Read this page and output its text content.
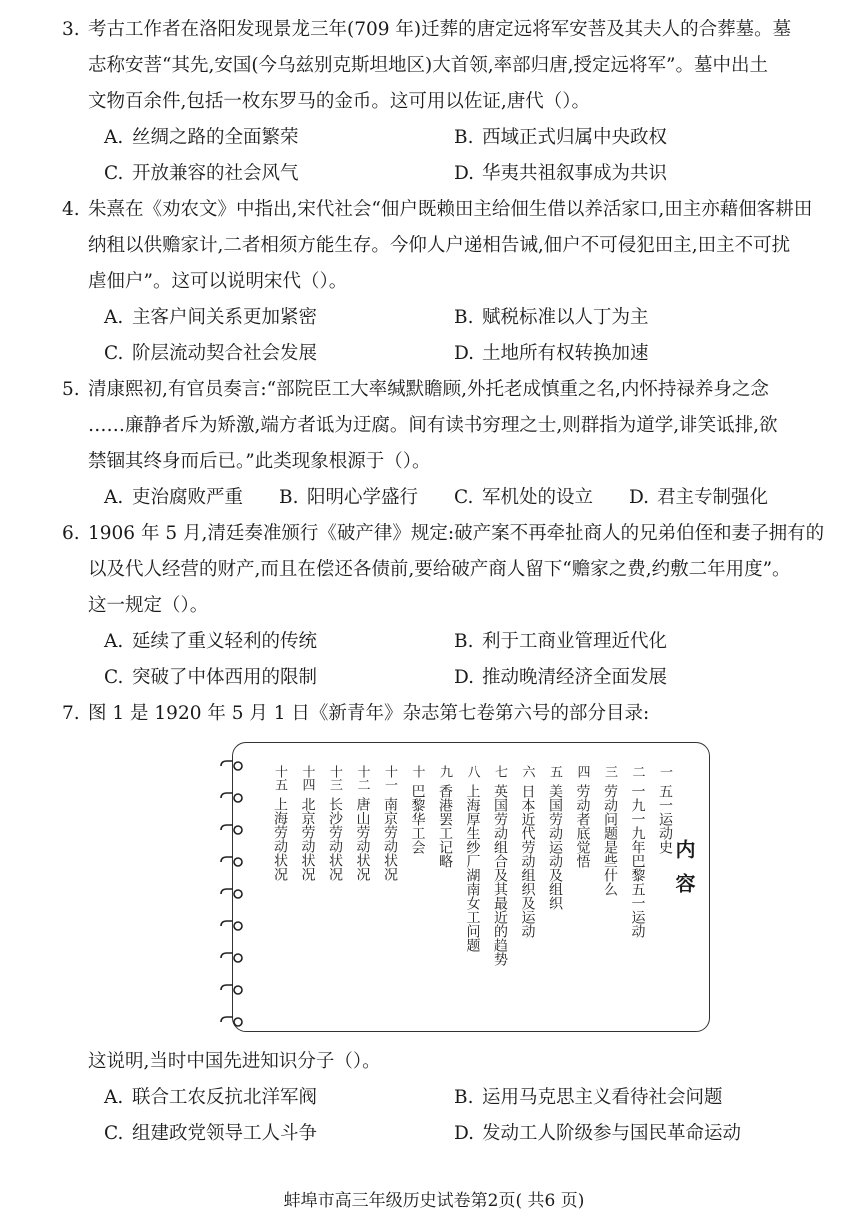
3. 考古工作者在洛阳发现景龙三年(709 年)迁葬的唐定远将军安菩及其夫人的合葬墓。墓
志称安菩“其先,安国(今乌兹别克斯坦地区)大首领,率部归唐,授定远将军”。墓中出土
文物百余件,包括一枚东罗马的金币。这可用以佐证,唐代（）。
A. 丝绸之路的全面繁荣	B. 西域正式归属中央政权
C. 开放兼容的社会风气	D. 华夷共祖叙事成为共识
4. 朱熹在《劝农文》中指出,宋代社会“佃户既赖田主给佃生借以养活家口,田主亦藉佃客耕田
纳租以供赡家计,二者相须方能生存。今仰人户递相告诫,佃户不可侵犯田主,田主不可扰
虐佃户”。这可以说明宋代（）。
A. 主客户间关系更加紧密	B. 赋税标准以人丁为主
C. 阶层流动契合社会发展	D. 土地所有权转换加速
5. 清康熙初,有官员奏言:“部院臣工大率缄默瞻顾,外托老成慎重之名,内怀持禄养身之念
……廉静者斥为矫激,端方者诋为迂腐。间有读书穷理之士,则群指为道学,诽笑诋排,欲
禁锢其终身而后已。”此类现象根源于（）。
A. 吏治腐败严重	B. 阳明心学盛行	C. 军机处的设立	D. 君主专制强化
6. 1906 年 5 月,清廷奏准颁行《破产律》规定:破产案不再牵扯商人的兄弟伯侄和妻子拥有的
以及代人经营的财产,而且在偿还各债前,要给破产商人留下“赡家之费,约敷二年用度”。
这一规定（）。
A. 延续了重义轻利的传统	B. 利于工商业管理近代化
C. 突破了中体西用的限制	D. 推动晚清经济全面发展
7. 图 1 是 1920 年 5 月 1 日《新青年》杂志第七卷第六号的部分目录:
十五
上海劳动状况
十四
北京劳动状况
十三
长沙劳动状况
十二
唐山劳动状况
十一
南京劳动状况
十
巴黎华工会
九
香港罢工记略
八
上海厚生纱厂湖南女工问题
七
英国劳动组合及其最近的趋势
六
日本近代劳动组织及运动
五
美国劳动运动及组织
四
劳动者底觉悟
三
劳动问题是些什么
二
一九一九年巴黎五一运动
一
五一运动史
内容
这说明,当时中国先进知识分子（）。
A. 联合工农反抗北洋军阀	B. 运用马克思主义看待社会问题
C. 组建政党领导工人斗争	D. 发动工人阶级参与国民革命运动
蚌埠市高三年级历史试卷第2页( 共6 页)
